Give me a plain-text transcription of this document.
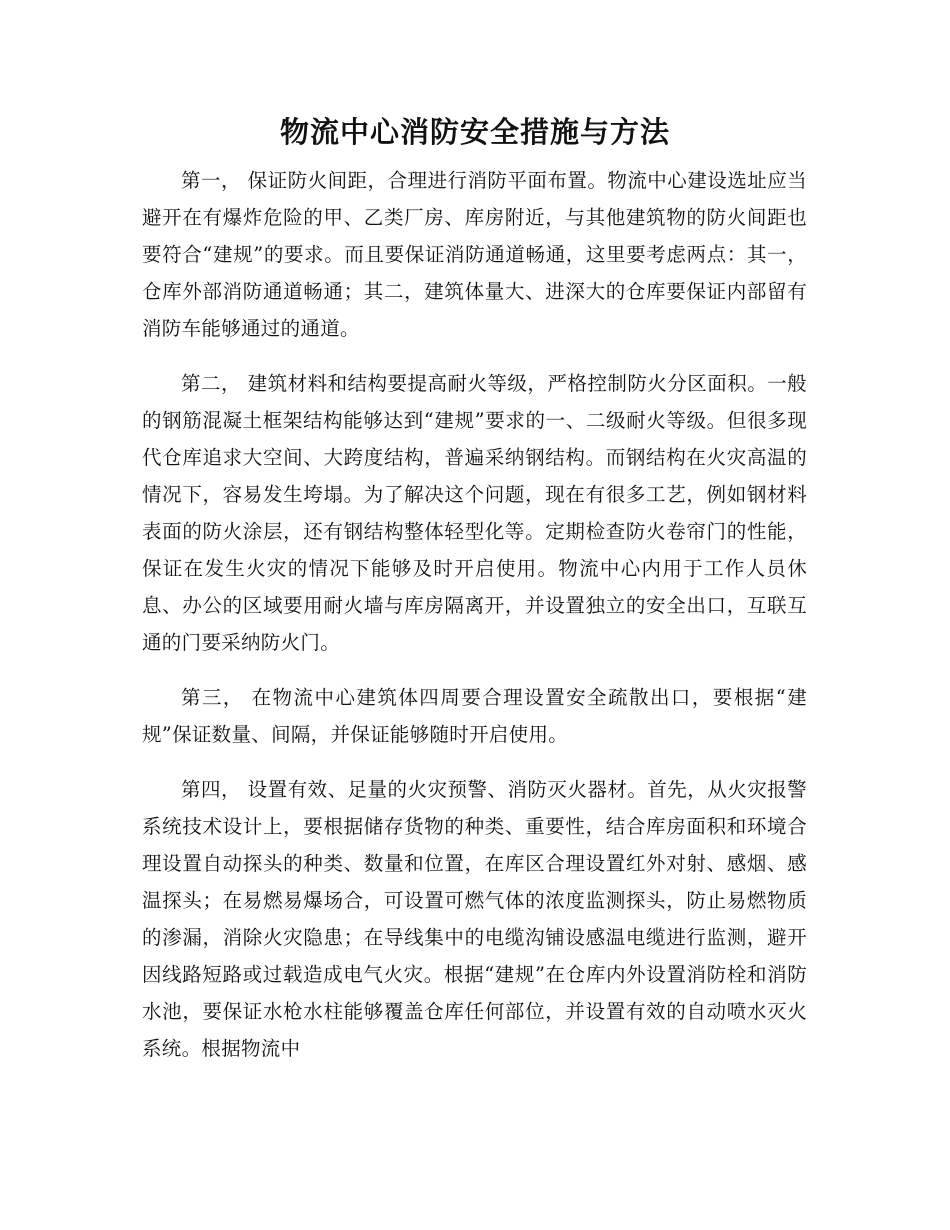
物流中心消防安全措施与方法

第一， 保证防火间距，合理进行消防平面布置。物流中心建设选址应当避开在有爆炸危险的甲、乙类厂房、库房附近，与其他建筑物的防火间距也要符合“建规”的要求。而且要保证消防通道畅通，这里要考虑两点：其一，仓库外部消防通道畅通；其二，建筑体量大、进深大的仓库要保证内部留有消防车能够通过的通道。

第二， 建筑材料和结构要提高耐火等级，严格控制防火分区面积。一般的钢筋混凝土框架结构能够达到“建规”要求的一、二级耐火等级。但很多现代仓库追求大空间、大跨度结构，普遍采纳钢结构。而钢结构在火灾高温的情况下，容易发生垮塌。为了解决这个问题，现在有很多工艺，例如钢材料表面的防火涂层，还有钢结构整体轻型化等。定期检查防火卷帘门的性能，保证在发生火灾的情况下能够及时开启使用。物流中心内用于工作人员休息、办公的区域要用耐火墙与库房隔离开，并设置独立的安全出口，互联互通的门要采纳防火门。

第三， 在物流中心建筑体四周要合理设置安全疏散出口，要根据“建规”保证数量、间隔，并保证能够随时开启使用。

第四， 设置有效、足量的火灾预警、消防灭火器材。首先，从火灾报警系统技术设计上，要根据储存货物的种类、重要性，结合库房面积和环境合理设置自动探头的种类、数量和位置，在库区合理设置红外对射、感烟、感温探头；在易燃易爆场合，可设置可燃气体的浓度监测探头，防止易燃物质的渗漏，消除火灾隐患；在导线集中的电缆沟铺设感温电缆进行监测，避开因线路短路或过载造成电气火灾。根据“建规”在仓库内外设置消防栓和消防水池，要保证水枪水柱能够覆盖仓库任何部位，并设置有效的自动喷水灭火系统。根据物流中
